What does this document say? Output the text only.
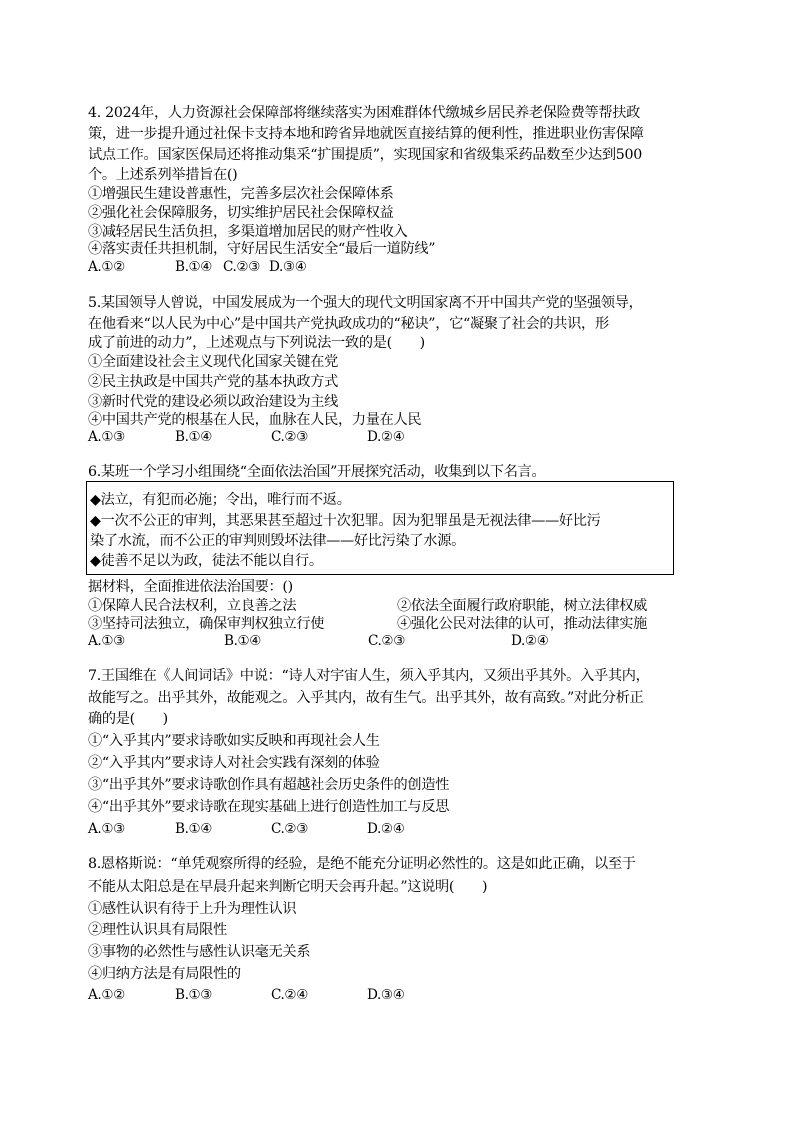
4. 2024年，人力资源社会保障部将继续落实为困难群体代缴城乡居民养老保险费等帮扶政
策，进一步提升通过社保卡支持本地和跨省异地就医直接结算的便利性，推进职业伤害保障
试点工作。国家医保局还将推动集采“扩围提质”，实现国家和省级集采药品数至少达到500
个。上述系列举措旨在()
①增强民生建设普惠性，完善多层次社会保障体系
②强化社会保障服务，切实维护居民社会保障权益
③减轻居民生活负担，多渠道增加居民的财产性收入
④落实责任共担机制，守好居民生活安全“最后一道防线”
A.①②	B.①④ C.②③ D.③④
5.某国领导人曾说，中国发展成为一个强大的现代文明国家离不开中国共产党的坚强领导，
在他看来“以人民为中心”是中国共产党执政成功的“秘诀”，它“凝聚了社会的共识，形
成了前进的动力”，上述观点与下列说法一致的是(　　)
①全面建设社会主义现代化国家关键在党
②民主执政是中国共产党的基本执政方式
③新时代党的建设必须以政治建设为主线
④中国共产党的根基在人民，血脉在人民，力量在人民
A.①③	B.①④	C.②③	D.②④
6.某班一个学习小组围绕“全面依法治国”开展探究活动，收集到以下名言。
◆法立，有犯而必施；令出，唯行而不返。
◆一次不公正的审判，其恶果甚至超过十次犯罪。因为犯罪虽是无视法律——好比污
染了水流，而不公正的审判则毁坏法律——好比污染了水源。
◆徒善不足以为政，徒法不能以自行。
据材料，全面推进依法治国要：()
①保障人民合法权利，立良善之法	②依法全面履行政府职能，树立法律权威
③坚持司法独立，确保审判权独立行使	④强化公民对法律的认可，推动法律实施
A.①③	B.①④	C.②③	D.②④
7.王国维在《人间词话》中说：“诗人对宇宙人生，须入乎其内，又须出乎其外。入乎其内，
故能写之。出乎其外，故能观之。入乎其内，故有生气。出乎其外，故有高致。”对此分析正
确的是(　　)
①“入乎其内”要求诗歌如实反映和再现社会人生
②“入乎其内”要求诗人对社会实践有深刻的体验
③“出乎其外”要求诗歌创作具有超越社会历史条件的创造性
④“出乎其外”要求诗歌在现实基础上进行创造性加工与反思
A.①③	B.①④	C.②③	D.②④
8.恩格斯说：“单凭观察所得的经验，是绝不能充分证明必然性的。这是如此正确，以至于
不能从太阳总是在早晨升起来判断它明天会再升起。”这说明(　　)
①感性认识有待于上升为理性认识
②理性认识具有局限性
③事物的必然性与感性认识毫无关系
④归纳方法是有局限性的
A.①②	B.①③	C.②④	D.③④
